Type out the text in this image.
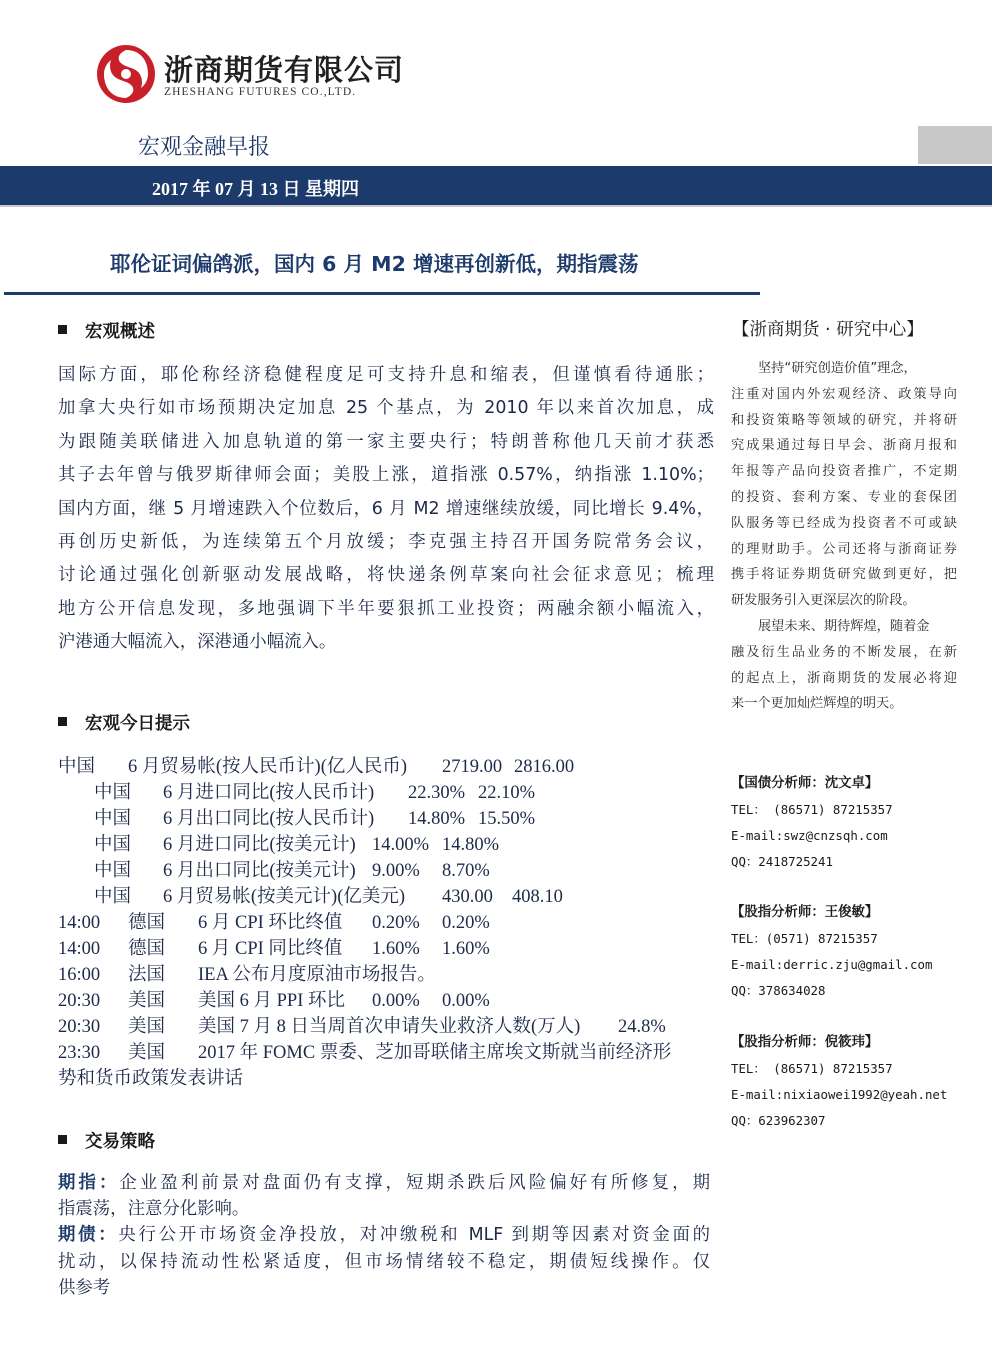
浙商期货有限公司
ZHESHANG FUTURES CO.,LTD.
宏观金融早报
2017 年 07 月 13 日 星期四
耶伦证词偏鸽派，国内 6 月 M2 增速再创新低，期指震荡
宏观概述
国际方面，耶伦称经济稳健程度足可支持升息和缩表，但谨慎看待通胀；
加拿大央行如市场预期决定加息 25 个基点，为 2010 年以来首次加息，成
为跟随美联储进入加息轨道的第一家主要央行；特朗普称他几天前才获悉
其子去年曾与俄罗斯律师会面；美股上涨，道指涨 0.57%，纳指涨 1.10%；
国内方面，继 5 月增速跌入个位数后，6 月 M2 增速继续放缓，同比增长 9.4%，
再创历史新低，为连续第五个月放缓；李克强主持召开国务院常务会议，
讨论通过强化创新驱动发展战略，将快递条例草案向社会征求意见；梳理
地方公开信息发现，多地强调下半年要狠抓工业投资；两融余额小幅流入，
沪港通大幅流入，深港通小幅流入。
宏观今日提示
中国 6 月贸易帐(按人民币计)(亿人民币) 2719.00 2816.00
中国 6 月进口同比(按人民币计) 22.30% 22.10%
中国 6 月出口同比(按人民币计) 14.80% 15.50%
中国 6 月进口同比(按美元计) 14.00% 14.80%
中国 6 月出口同比(按美元计) 9.00% 8.70%
中国 6 月贸易帐(按美元计)(亿美元) 430.00 408.10
14:00 德国 6 月 CPI 环比终值 0.20% 0.20%
14:00 德国 6 月 CPI 同比终值 1.60% 1.60%
16:00 法国 IEA 公布月度原油市场报告。
20:30 美国 美国 6 月 PPI 环比 0.00% 0.00%
20:30 美国 美国 7 月 8 日当周首次申请失业救济人数(万人) 24.8%
23:30 美国 2017 年 FOMC 票委、芝加哥联储主席埃文斯就当前经济形
势和货币政策发表讲话
交易策略
期指：企业盈利前景对盘面仍有支撑，短期杀跌后风险偏好有所修复，期
指震荡，注意分化影响。
期债：央行公开市场资金净投放，对冲缴税和 MLF 到期等因素对资金面的
扰动，以保持流动性松紧适度，但市场情绪较不稳定，期债短线操作。仅
供参考
【浙商期货 · 研究中心】
坚持“研究创造价值”理念，
注重对国内外宏观经济、政策导向
和投资策略等领域的研究，并将研
究成果通过每日早会、浙商月报和
年报等产品向投资者推广，不定期
的投资、套利方案、专业的套保团
队服务等已经成为投资者不可或缺
的理财助手。公司还将与浙商证券
携手将证券期货研究做到更好，把
研发服务引入更深层次的阶段。
展望未来、期待辉煌，随着金
融及衍生品业务的不断发展，在新
的起点上，浙商期货的发展必将迎
来一个更加灿烂辉煌的明天。
【国债分析师：沈文卓】
TEL： (86571) 87215357
E-mail:swz@cnzsqh.com
QQ：2418725241
【股指分析师：王俊敏】
TEL：(0571) 87215357
E-mail:derric.zju@gmail.com
QQ：378634028
【股指分析师：倪筱玮】
TEL： (86571) 87215357
E-mail:nixiaowei1992@yeah.net
QQ：623962307
